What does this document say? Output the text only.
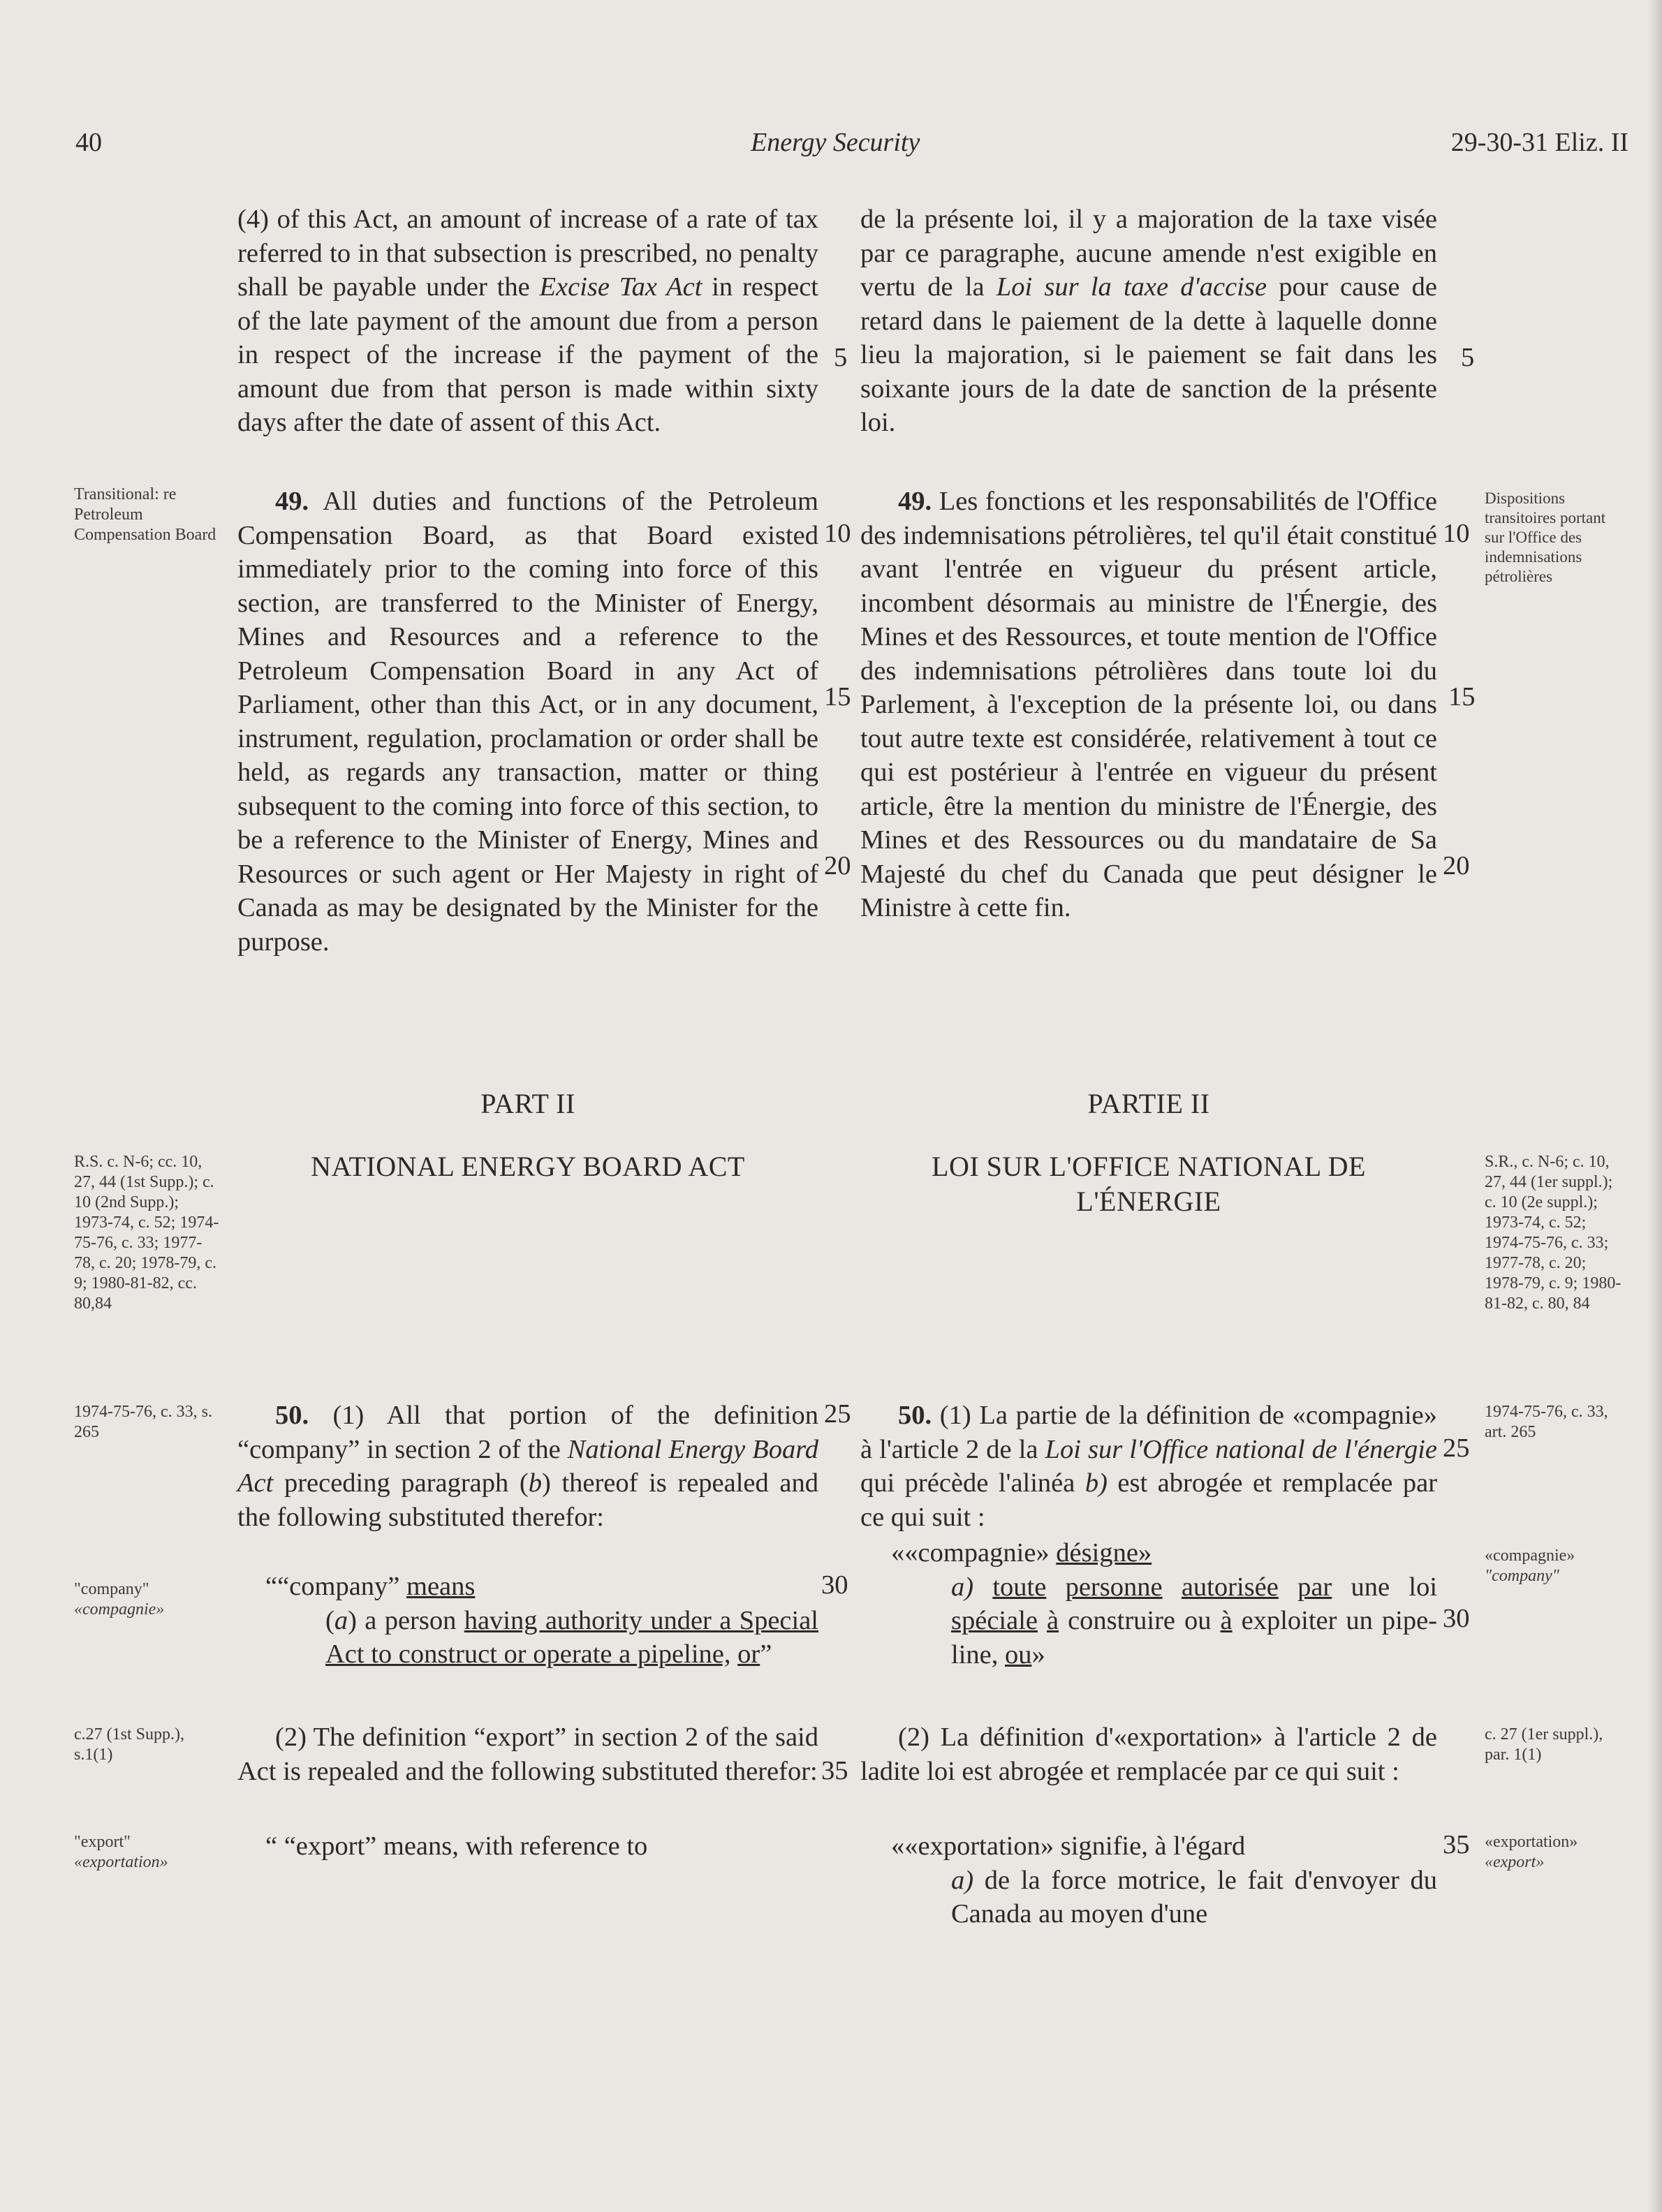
40	Energy Security	29-30-31 Eliz. II

(4) of this Act, an amount of increase of a rate of tax referred to in that subsection is prescribed, no penalty shall be payable under the Excise Tax Act in respect of the late payment of the amount due from a person in respect of the increase if the payment of the amount due from that person is made within sixty days after the date of assent of this Act.

49. All duties and functions of the Petroleum Compensation Board, as that Board existed immediately prior to the coming into force of this section, are transferred to the Minister of Energy, Mines and Resources and a reference to the Petroleum Compensation Board in any Act of Parliament, other than this Act, or in any document, instrument, regulation, proclamation or order shall be held, as regards any transaction, matter or thing subsequent to the coming into force of this section, to be a reference to the Minister of Energy, Mines and Resources or such agent or Her Majesty in right of Canada as may be designated by the Minister for the purpose.

PART II
NATIONAL ENERGY BOARD ACT

50. (1) All that portion of the definition “company” in section 2 of the National Energy Board Act preceding paragraph (b) thereof is repealed and the following substituted therefor:

““company” means

(a) a person having authority under a Special Act to construct or operate a pipeline, or”

(2) The definition “export” in section 2 of the said Act is repealed and the following substituted therefor:

“ “export” means, with reference to

de la présente loi, il y a majoration de la taxe visée par ce paragraphe, aucune amende n'est exigible en vertu de la Loi sur la taxe d'accise pour cause de retard dans le paiement de la dette à laquelle donne lieu la majoration, si le paiement se fait dans les soixante jours de la date de sanction de la présente loi.

49. Les fonctions et les responsabilités de l'Office des indemnisations pétrolières, tel qu'il était constitué avant l'entrée en vigueur du présent article, incombent désormais au ministre de l'Énergie, des Mines et des Ressources, et toute mention de l'Office des indemnisations pétrolières dans toute loi du Parlement, à l'exception de la présente loi, ou dans tout autre texte est considérée, relativement à tout ce qui est postérieur à l'entrée en vigueur du présent article, être la mention du ministre de l'Énergie, des Mines et des Ressources ou du mandataire de Sa Majesté du chef du Canada que peut désigner le Ministre à cette fin.

PARTIE II
LOI SUR L'OFFICE NATIONAL DE L'ÉNERGIE

50. (1) La partie de la définition de «compagnie» à l'article 2 de la Loi sur l'Office national de l'énergie qui précède l'alinéa b) est abrogée et remplacée par ce qui suit :

««compagnie» désigne»

a) toute personne autorisée par une loi spéciale à construire ou à exploiter un pipe-line, ou»

(2) La définition d'«exportation» à l'article 2 de ladite loi est abrogée et remplacée par ce qui suit :

««exportation» signifie, à l'égard

a) de la force motrice, le fait d'envoyer du Canada au moyen d'une

Transitional: re Petroleum Compensation Board
R.S. c. N-6; cc. 10, 27, 44 (1st Supp.); c. 10 (2nd Supp.); 1973-74, c. 52; 1974-75-76, c. 33; 1977-78, c. 20; 1978-79, c. 9; 1980-81-82, cc. 80,84
1974-75-76, c. 33, s. 265
"company"
«compagnie»
c.27 (1st Supp.), s.1(1)
"export"
«exportation»
Dispositions transitoires portant sur l'Office des indemnisations pétrolières
S.R., c. N-6; c. 10, 27, 44 (1er suppl.); c. 10 (2e suppl.); 1973-74, c. 52; 1974-75-76, c. 33; 1977-78, c. 20; 1978-79, c. 9; 1980-81-82, c. 80, 84
1974-75-76, c. 33, art. 265
«compagnie»
"company"
c. 27 (1er suppl.), par. 1(1)
«exportation»
«export»
5
10
15
20
25
30
35
5
10
15
20
25
30
35
